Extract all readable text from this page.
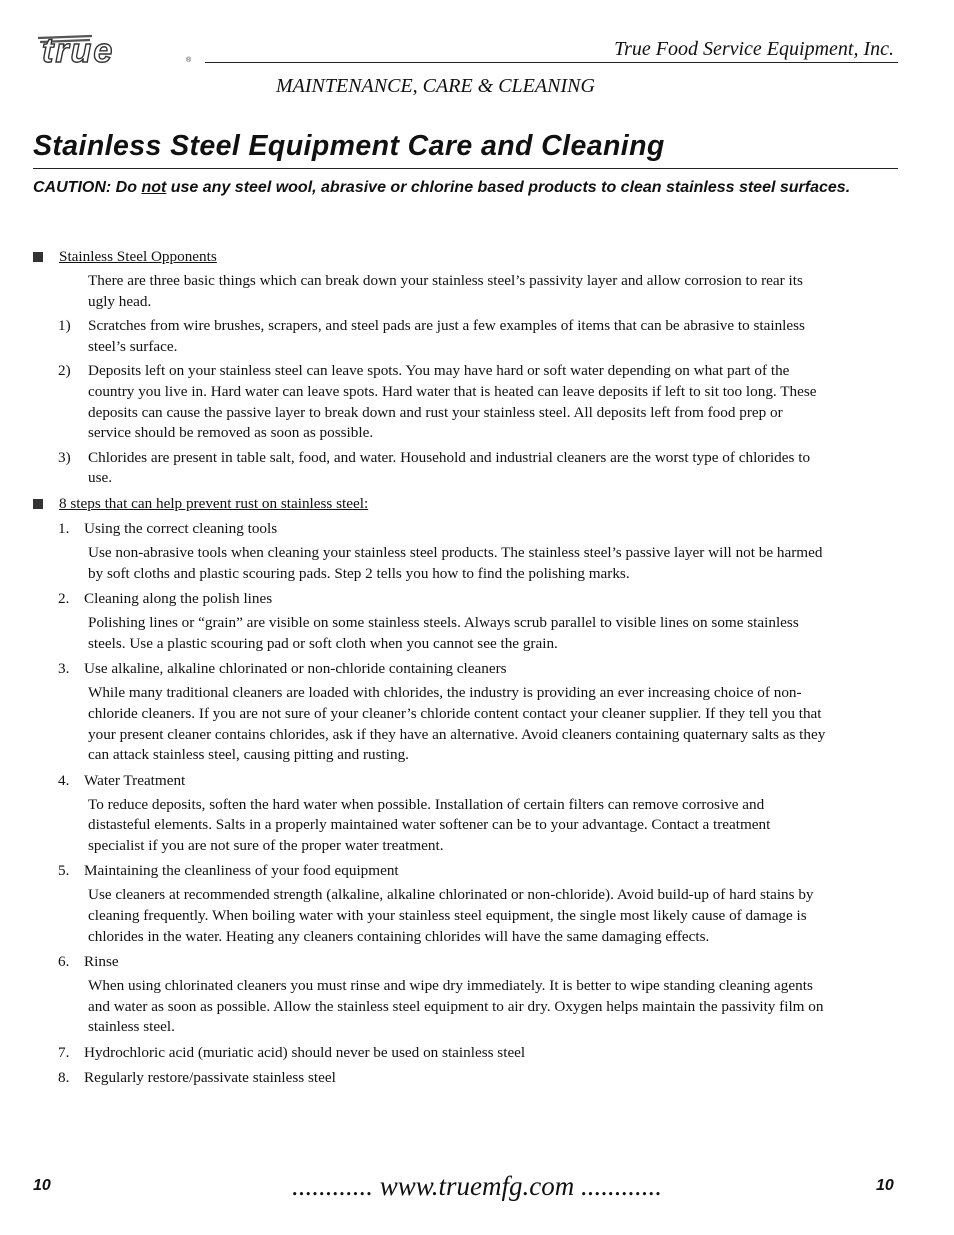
true	®
True Food Service Equipment, Inc.
MAINTENANCE, CARE & CLEANING
Stainless Steel Equipment Care and Cleaning
CAUTION: Do not use any steel wool, abrasive or chlorine based products to clean stainless steel surfaces.
Stainless Steel Opponents

There are three basic things which can break down your stainless steel’s passivity layer and allow corrosion to rear its ugly head.

1) Scratches from wire brushes, scrapers, and steel pads are just a few examples of items that can be abrasive to stainless steel’s surface.
2) Deposits left on your stainless steel can leave spots. You may have hard or soft water depending on what part of the country you live in. Hard water can leave spots. Hard water that is heated can leave deposits if left to sit too long. These deposits can cause the passive layer to break down and rust your stainless steel. All deposits left from food prep or service should be removed as soon as possible.
3) Chlorides are present in table salt, food, and water. Household and industrial cleaners are the worst type of chlorides to use.
8 steps that can help prevent rust on stainless steel:
1. Using the correct cleaning tools

Use non-abrasive tools when cleaning your stainless steel products. The stainless steel’s passive layer will not be harmed by soft cloths and plastic scouring pads. Step 2 tells you how to find the polishing marks.

2. Cleaning along the polish lines

Polishing lines or “grain” are visible on some stainless steels. Always scrub parallel to visible lines on some stainless steels. Use a plastic scouring pad or soft cloth when you cannot see the grain.

3. Use alkaline, alkaline chlorinated or non-chloride containing cleaners

While many traditional cleaners are loaded with chlorides, the industry is providing an ever increasing choice of non-chloride cleaners. If you are not sure of your cleaner’s chloride content contact your cleaner supplier. If they tell you that your present cleaner contains chlorides, ask if they have an alternative. Avoid cleaners containing quaternary salts as they can attack stainless steel, causing pitting and rusting.

4. Water Treatment

To reduce deposits, soften the hard water when possible. Installation of certain filters can remove corrosive and distasteful elements. Salts in a properly maintained water softener can be to your advantage. Contact a treatment specialist if you are not sure of the proper water treatment.

5. Maintaining the cleanliness of your food equipment

Use cleaners at recommended strength (alkaline, alkaline chlorinated or non-chloride). Avoid build-up of hard stains by cleaning frequently. When boiling water with your stainless steel equipment, the single most likely cause of damage is chlorides in the water. Heating any cleaners containing chlorides will have the same damaging effects.

6. Rinse

When using chlorinated cleaners you must rinse and wipe dry immediately. It is better to wipe standing cleaning agents and water as soon as possible. Allow the stainless steel equipment to air dry. Oxygen helps maintain the passivity film on stainless steel.

7. Hydrochloric acid (muriatic acid) should never be used on stainless steel
8. Regularly restore/passivate stainless steel
10	............ www.truemfg.com ............	10
